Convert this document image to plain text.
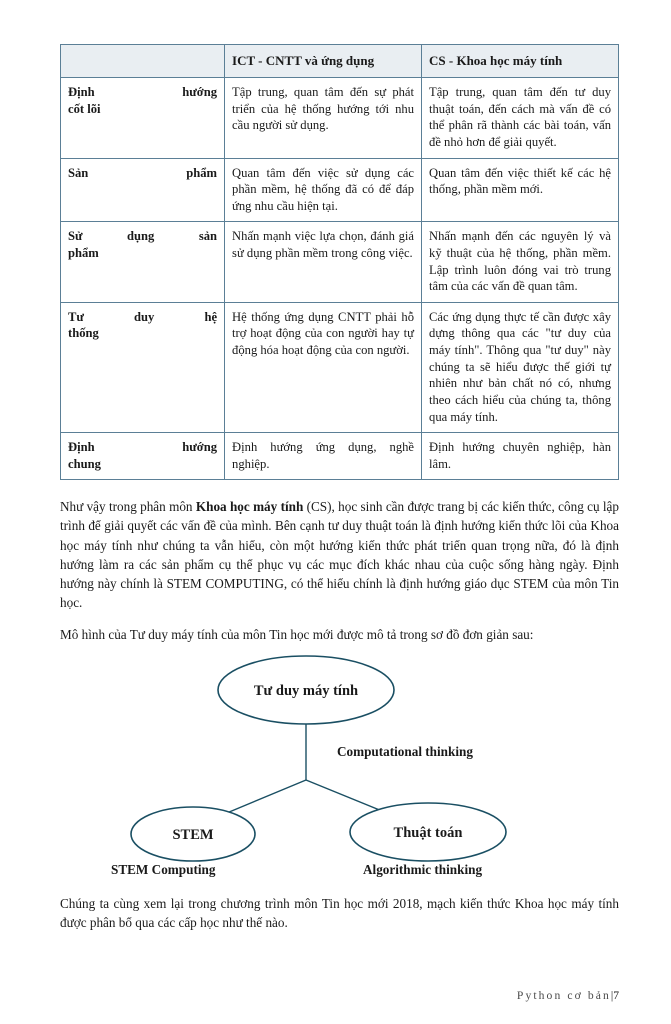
	ICT - CNTT và ứng dụng	CS - Khoa học máy tính
Định hướng
cốt lõi	Tập trung, quan tâm đến sự phát triển của hệ thống hướng tới nhu cầu người sử dụng.	Tập trung, quan tâm đến tư duy thuật toán, đến cách mà vấn đề có thể phân rã thành các bài toán, vấn đề nhỏ hơn để giải quyết.
Sản phẩm	Quan tâm đến việc sử dụng các phần mềm, hệ thống đã có để đáp ứng nhu cầu hiện tại.	Quan tâm đến việc thiết kế các hệ thống, phần mềm mới.
Sử dụng sản
phẩm	Nhấn mạnh việc lựa chọn, đánh giá sử dụng phần mềm trong công việc.	Nhấn mạnh đến các nguyên lý và kỹ thuật của hệ thống, phần mềm. Lập trình luôn đóng vai trò trung tâm của các vấn đề quan tâm.
Tư duy hệ
thống	Hệ thống ứng dụng CNTT phải hỗ trợ hoạt động của con người hay tự động hóa hoạt động của con người.	Các ứng dụng thực tế cần được xây dựng thông qua các "tư duy của máy tính". Thông qua "tư duy" này chúng ta sẽ hiểu được thế giới tự nhiên như bản chất nó có, nhưng theo cách hiểu của chúng ta, thông qua máy tính.
Định hướng
chung	Định hướng ứng dụng, nghề nghiệp.	Định hướng chuyên nghiệp, hàn lâm.

Như vậy trong phân môn Khoa học máy tính (CS), học sinh cần được trang bị các kiến thức, công cụ lập trình để giải quyết các vấn đề của mình. Bên cạnh tư duy thuật toán là định hướng kiến thức lõi của Khoa học máy tính như chúng ta vẫn hiểu, còn một hướng kiến thức phát triển quan trọng nữa, đó là định hướng làm ra các sản phẩm cụ thể phục vụ các mục đích khác nhau của cuộc sống hàng ngày. Định hướng này chính là STEM COMPUTING, có thể hiểu chính là định hướng giáo dục STEM của môn Tin học.

Mô hình của Tư duy máy tính của môn Tin học mới được mô tả trong sơ đồ đơn giản sau:

Tư duy máy tính
STEM	Thuật toán
Computational thinking
STEM Computing	Algorithmic thinking

Chúng ta cùng xem lại trong chương trình môn Tin học mới 2018, mạch kiến thức Khoa học máy tính được phân bổ qua các cấp học như thế nào.

Python cơ bản|7
